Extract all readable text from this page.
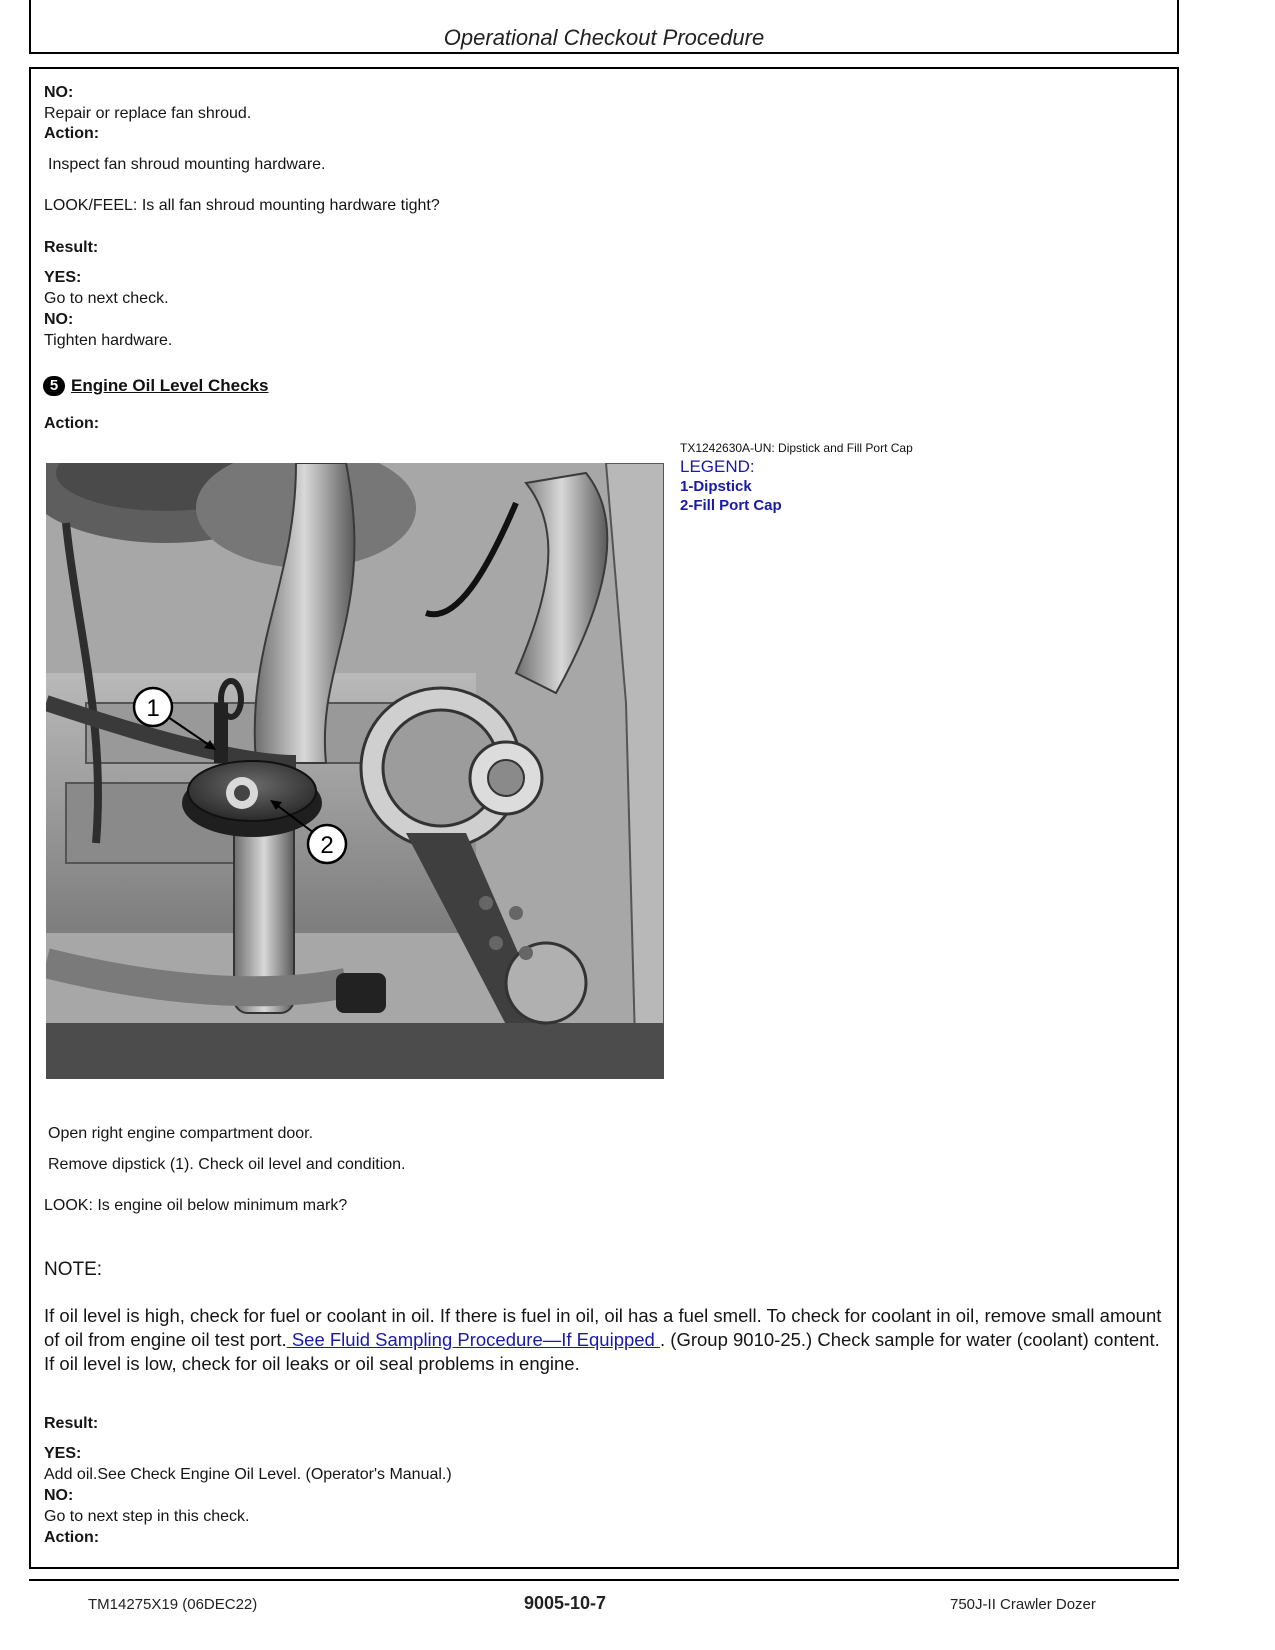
Operational Checkout Procedure
NO:
Repair or replace fan shroud.
Action:
Inspect fan shroud mounting hardware.
LOOK/FEEL: Is all fan shroud mounting hardware tight?
Result:
YES:
Go to next check.
NO:
Tighten hardware.
5 Engine Oil Level Checks
Action:
TX1242630A-UN: Dipstick and Fill Port Cap
LEGEND:
1-Dipstick
2-Fill Port Cap
1
2
Open right engine compartment door.
Remove dipstick (1). Check oil level and condition.
LOOK: Is engine oil below minimum mark?
NOTE:
If oil level is high, check for fuel or coolant in oil. If there is fuel in oil, oil has a fuel smell. To check for coolant in oil, remove small amount of oil from engine oil test port. See Fluid Sampling Procedure—If Equipped . (Group 9010-25.) Check sample for water (coolant) content. If oil level is low, check for oil leaks or oil seal problems in engine.
Result:
YES:
Add oil.See Check Engine Oil Level. (Operator's Manual.)
NO:
Go to next step in this check.
Action:
TM14275X19 (06DEC22)	9005-10-7	750J-II Crawler Dozer
